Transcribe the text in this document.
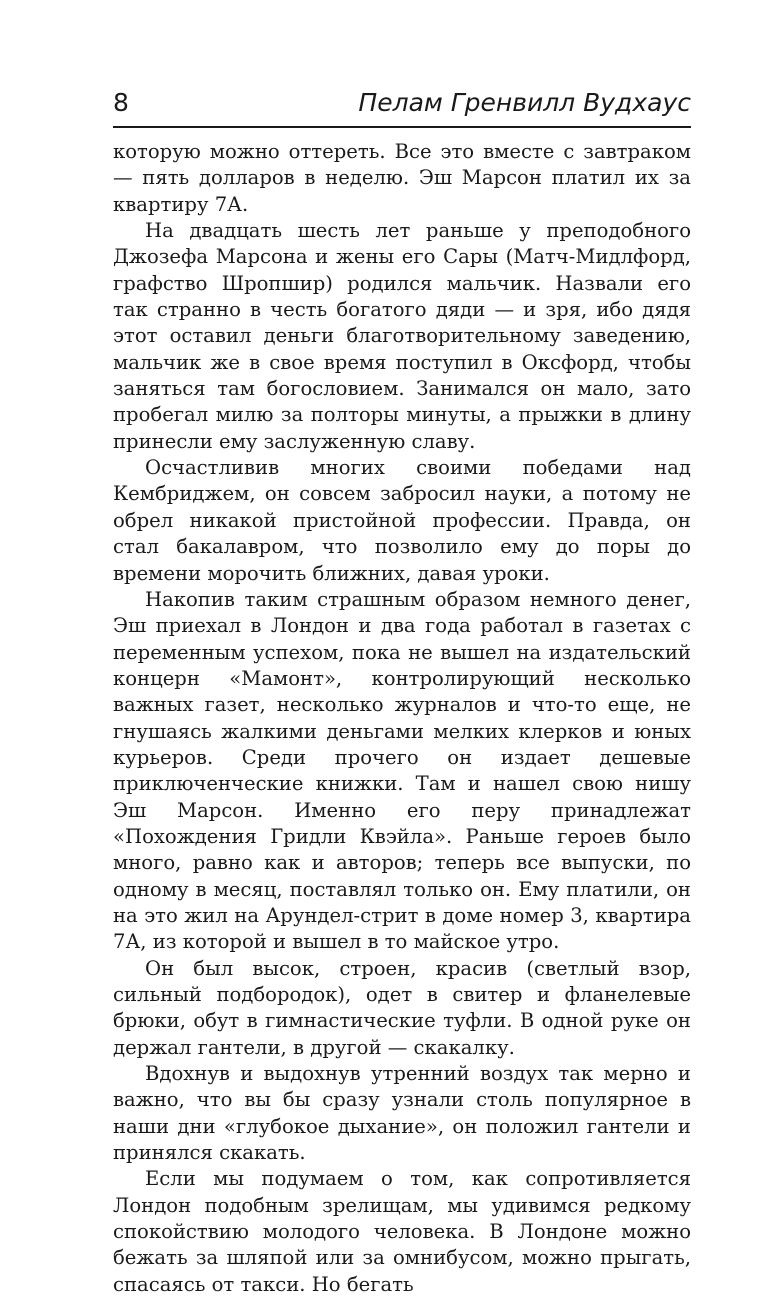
8	Пелам Гренвилл Вудхаус

которую можно оттереть. Все это вместе с завтраком — пять долларов в неделю. Эш Марсон платил их за квартиру 7А.

На двадцать шесть лет раньше у преподобного Джозефа Марсона и жены его Сары (Матч-Мидлфорд, графство Шропшир) родился мальчик. Назвали его так странно в честь богатого дяди — и зря, ибо дядя этот оставил деньги благотворительному заведению, мальчик же в свое время поступил в Оксфорд, чтобы заняться там богословием. Занимался он мало, зато пробегал милю за полторы минуты, а прыжки в длину принесли ему заслуженную славу.

Осчастливив многих своими победами над Кембриджем, он совсем забросил науки, а потому не обрел никакой пристойной профессии. Правда, он стал бакалавром, что позволило ему до поры до времени морочить ближних, давая уроки.

Накопив таким страшным образом немного денег, Эш приехал в Лондон и два года работал в газетах с переменным успехом, пока не вышел на издательский концерн «Мамонт», контролирующий несколько важных газет, несколько журналов и что-то еще, не гнушаясь жалкими деньгами мелких клерков и юных курьеров. Среди прочего он издает дешевые приключенческие книжки. Там и нашел свою нишу Эш Марсон. Именно его перу принадлежат «Похождения Гридли Квэйла». Раньше героев было много, равно как и авторов; теперь все выпуски, по одному в месяц, поставлял только он. Ему платили, он на это жил на Арундел-стрит в доме номер 3, квартира 7А, из которой и вышел в то майское утро.

Он был высок, строен, красив (светлый взор, сильный подбородок), одет в свитер и фланелевые брюки, обут в гимнастические туфли. В одной руке он держал гантели, в другой — скакалку.

Вдохнув и выдохнув утренний воздух так мерно и важно, что вы бы сразу узнали столь популярное в наши дни «глубокое дыхание», он положил гантели и принялся скакать.

Если мы подумаем о том, как сопротивляется Лондон подобным зрелищам, мы удивимся редкому спокойствию молодого человека. В Лондоне можно бежать за шляпой или за омнибусом, можно прыгать, спасаясь от такси. Но бегать
